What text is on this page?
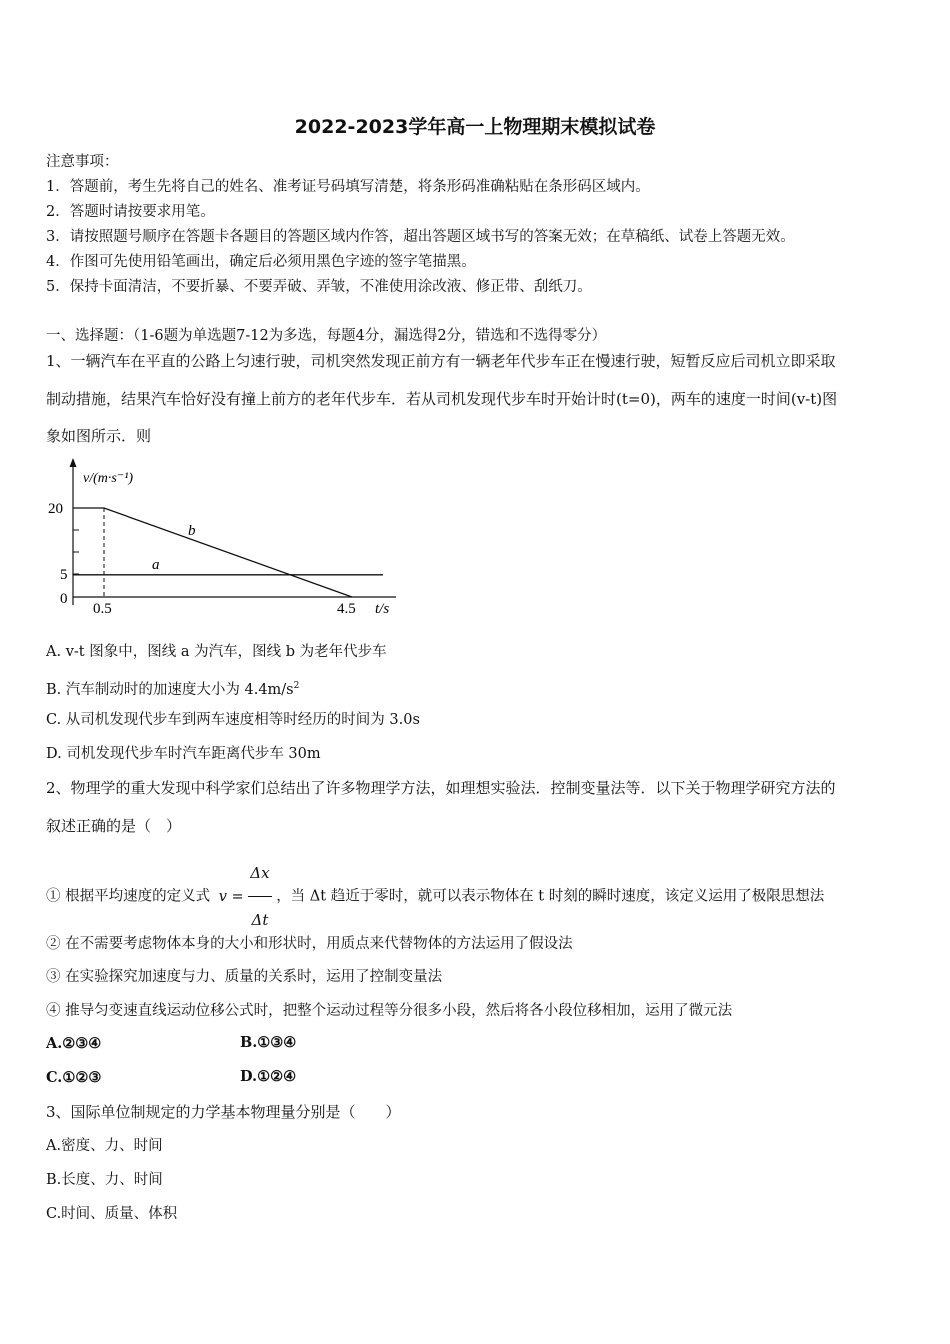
2022-2023学年高一上物理期末模拟试卷
注意事项：
1．答题前，考生先将自己的姓名、准考证号码填写清楚，将条形码准确粘贴在条形码区域内。
2．答题时请按要求用笔。
3．请按照题号顺序在答题卡各题目的答题区域内作答，超出答题区域书写的答案无效；在草稿纸、试卷上答题无效。
4．作图可先使用铅笔画出，确定后必须用黑色字迹的签字笔描黑。
5．保持卡面清洁，不要折暴、不要弄破、弄皱，不准使用涂改液、修正带、刮纸刀。
一、选择题：（1-6题为单选题7-12为多选，每题4分，漏选得2分，错选和不选得零分）
1、一辆汽车在平直的公路上匀速行驶，司机突然发现正前方有一辆老年代步车正在慢速行驶，短暂反应后司机立即采取
制动措施，结果汽车恰好没有撞上前方的老年代步车．若从司机发现代步车时开始计时(t=0)，两车的速度一时间(v-t)图
象如图所示．则
v/(m·s⁻¹)
20
5
0
0.5	4.5 t/s
b
a
A. v-t 图象中，图线 a 为汽车，图线 b 为老年代步车
B. 汽车制动时的加速度大小为 $4.4m/s^2$
C. 从司机发现代步车到两车速度相等时经历的时间为 3.0s
D. 司机发现代步车时汽车距离代步车 30m
2、物理学的重大发现中科学家们总结出了许多物理学方法，如理想实验法．控制变量法等．以下关于物理学研究方法的
叙述正确的是（　）
① 根据平均速度的定义式 $v = \frac{\Delta x}{\Delta t}$ ，当 Δt 趋近于零时，就可以表示物体在 t 时刻的瞬时速度，该定义运用了极限思想法
② 在不需要考虑物体本身的大小和形状时，用质点来代替物体的方法运用了假设法
③ 在实验探究加速度与力、质量的关系时，运用了控制变量法
④ 推导匀变速直线运动位移公式时，把整个运动过程等分很多小段，然后将各小段位移相加，运用了微元法
A.②③④	B.①③④
C.①②③	D.①②④
3、国际单位制规定的力学基本物理量分别是（　　）
A.密度、力、时间
B.长度、力、时间
C.时间、质量、体积
